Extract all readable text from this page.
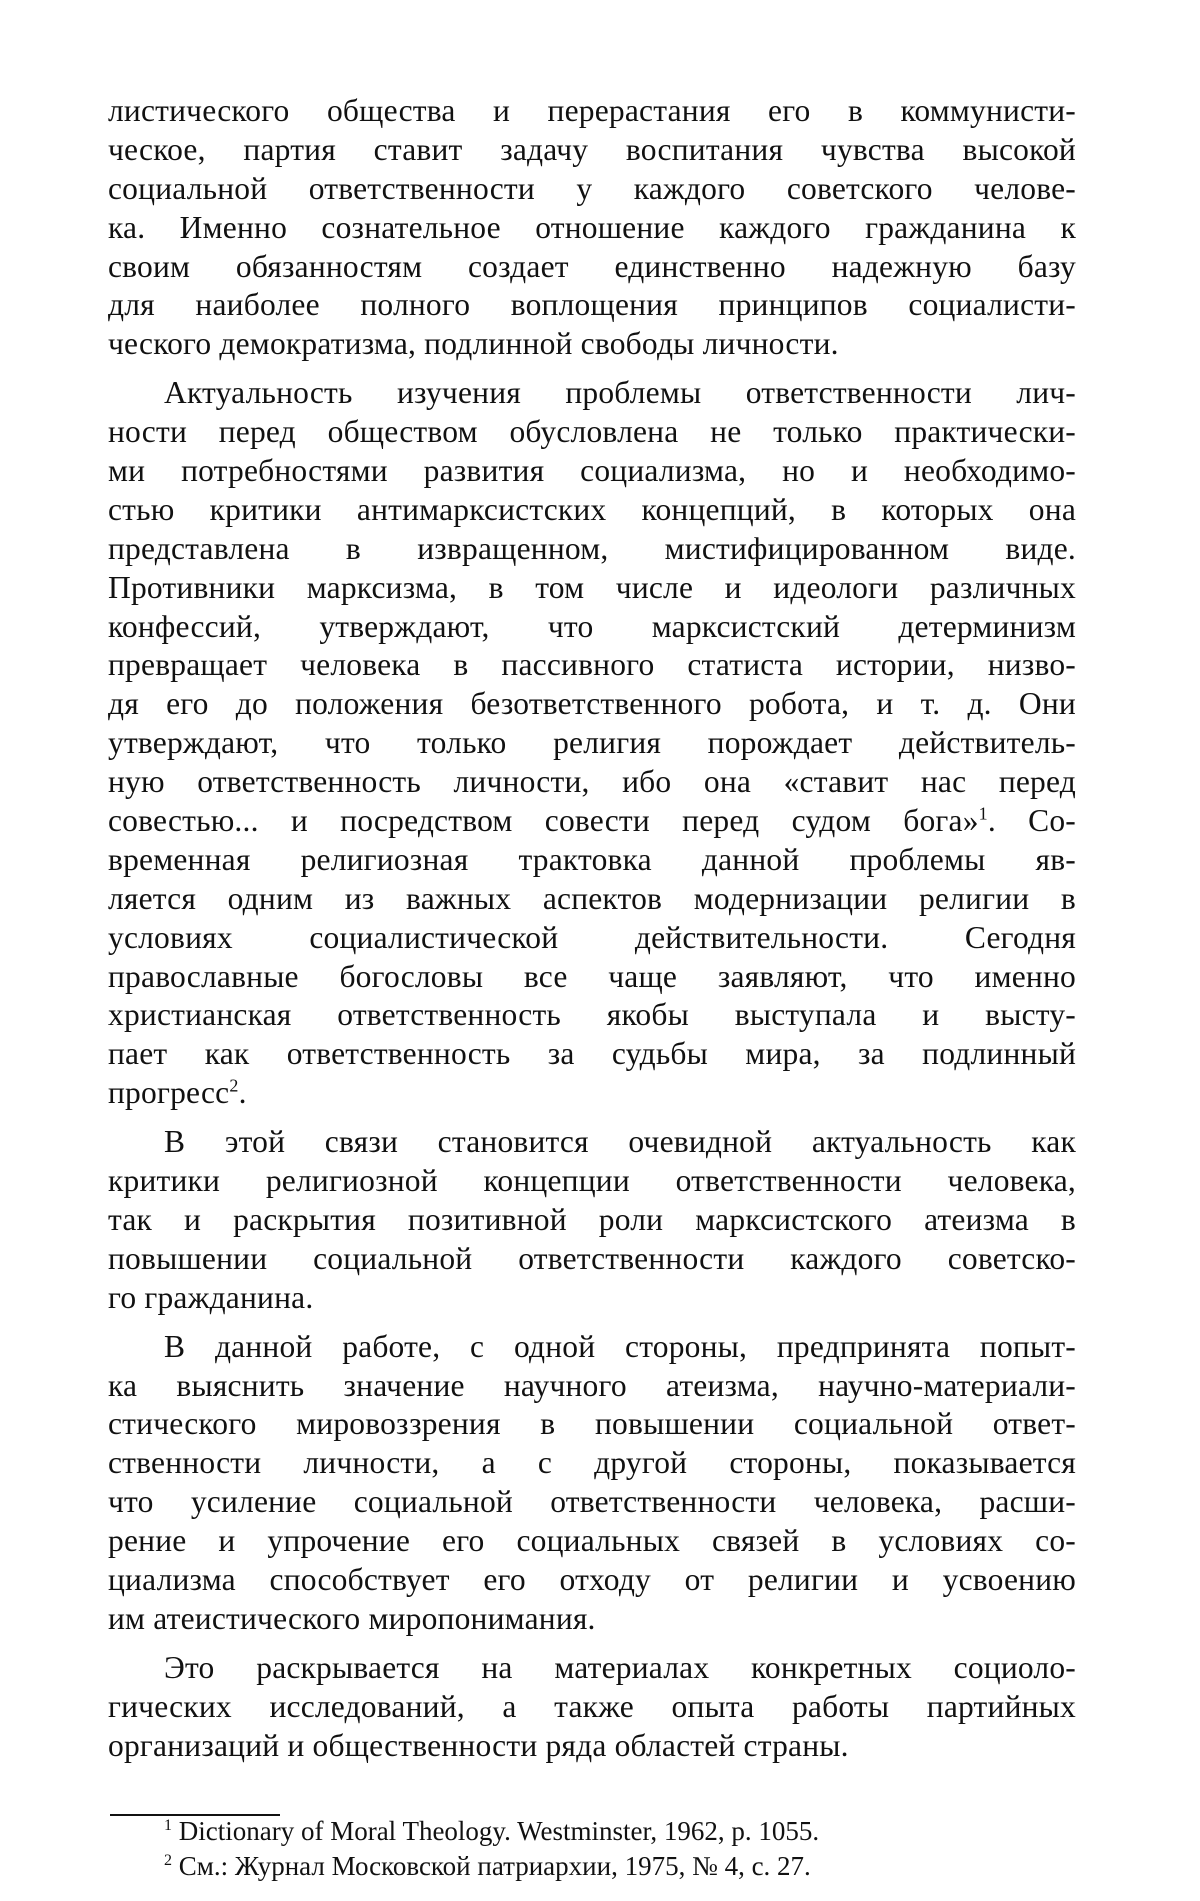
листического общества и перерастания его в коммунисти-
ческое, партия ставит задачу воспитания чувства высокой
социальной ответственности у каждого советского челове-
ка. Именно сознательное отношение каждого гражданина к
своим обязанностям создает единственно надежную базу
для наиболее полного воплощения принципов социалисти-
ческого демократизма, подлинной свободы личности.
Актуальность изучения проблемы ответственности лич-
ности перед обществом обусловлена не только практически-
ми потребностями развития социализма, но и необходимо-
стью критики антимарксистских концепций, в которых она
представлена в извращенном, мистифицированном виде.
Противники марксизма, в том числе и идеологи различных
конфессий, утверждают, что марксистский детерминизм
превращает человека в пассивного статиста истории, низво-
дя его до положения безответственного робота, и т. д. Они
утверждают, что только религия порождает действитель-
ную ответственность личности, ибо она «ставит нас перед
совестью... и посредством совести перед судом бога»$^1$. Со-
временная религиозная трактовка данной проблемы яв-
ляется одним из важных аспектов модернизации религии в
условиях социалистической действительности. Сегодня
православные богословы все чаще заявляют, что именно
христианская ответственность якобы выступала и высту-
пает как ответственность за судьбы мира, за подлинный
прогресс$^2$.
В этой связи становится очевидной актуальность как
критики религиозной концепции ответственности человека,
так и раскрытия позитивной роли марксистского атеизма в
повышении социальной ответственности каждого советско-
го гражданина.
В данной работе, с одной стороны, предпринята попыт-
ка выяснить значение научного атеизма, научно-материали-
стического мировоззрения в повышении социальной ответ-
ственности личности, а с другой стороны, показывается
что усиление социальной ответственности человека, расши-
рение и упрочение его социальных связей в условиях со-
циализма способствует его отходу от религии и усвоению
им атеистического миропонимания.
Это раскрывается на материалах конкретных социоло-
гических исследований, а также опыта работы партийных
организаций и общественности ряда областей страны.
$^1$ Dictionary of Moral Theology. Westminster, 1962, p. 1055.
$^2$ См.: Журнал Московской патриархии, 1975, № 4, с. 27.
